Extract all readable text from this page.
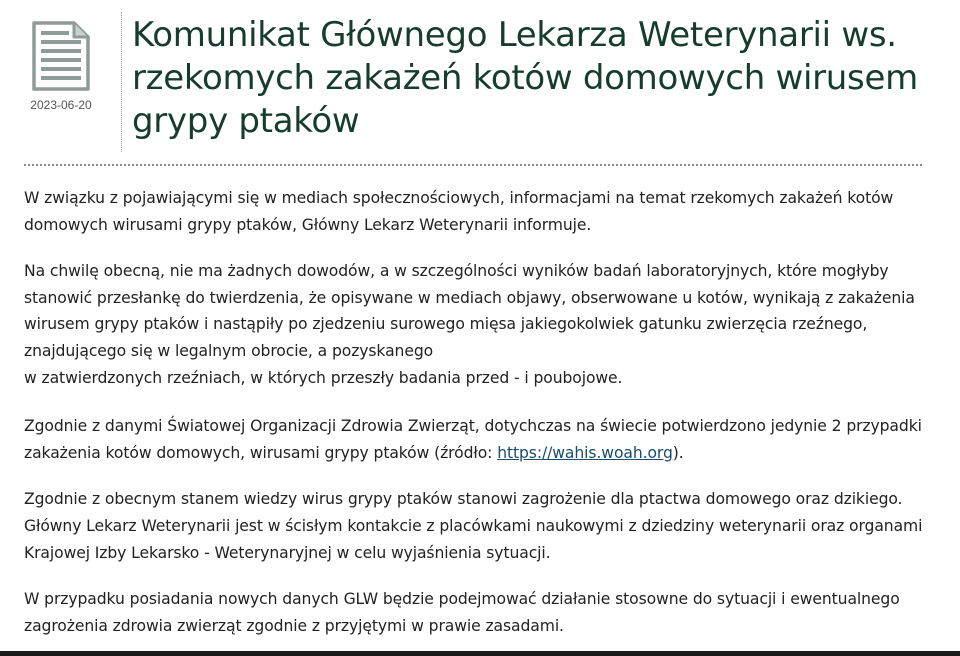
2023-06-20
Komunikat Głównego Lekarza Weterynarii ws. rzekomych zakażeń kotów domowych wirusem grypy ptaków

W związku z pojawiającymi się w mediach społecznościowych, informacjami na temat rzekomych zakażeń kotów domowych wirusami grypy ptaków, Główny Lekarz Weterynarii informuje.

Na chwilę obecną, nie ma żadnych dowodów, a w szczególności wyników badań laboratoryjnych, które mogłyby stanowić przesłankę do twierdzenia, że opisywane w mediach objawy, obserwowane u kotów, wynikają z zakażenia wirusem grypy ptaków i nastąpiły po zjedzeniu surowego mięsa jakiegokolwiek gatunku zwierzęcia rzeźnego, znajdującego się w legalnym obrocie, a pozyskanego
w zatwierdzonych rzeźniach, w których przeszły badania przed - i poubojowe.

Zgodnie z danymi Światowej Organizacji Zdrowia Zwierząt, dotychczas na świecie potwierdzono jedynie 2 przypadki zakażenia kotów domowych, wirusami grypy ptaków (źródło: https://wahis.woah.org).

Zgodnie z obecnym stanem wiedzy wirus grypy ptaków stanowi zagrożenie dla ptactwa domowego oraz dzikiego. Główny Lekarz Weterynarii jest w ścisłym kontakcie z placówkami naukowymi z dziedziny weterynarii oraz organami Krajowej Izby Lekarsko - Weterynaryjnej w celu wyjaśnienia sytuacji.

W przypadku posiadania nowych danych GLW będzie podejmować działanie stosowne do sytuacji i ewentualnego zagrożenia zdrowia zwierząt zgodnie z przyjętymi w prawie zasadami.
